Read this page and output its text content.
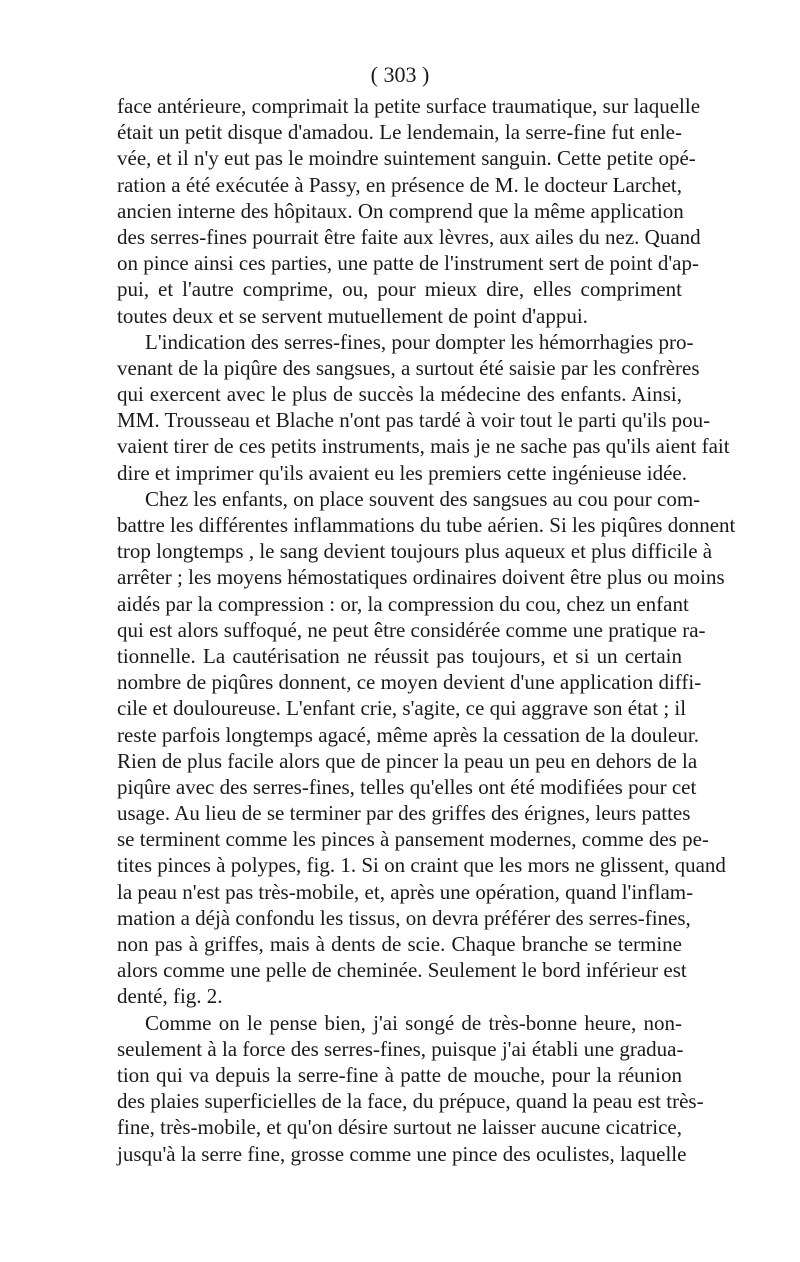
( 303 )
face antérieure, comprimait la petite surface traumatique, sur laquelle
était un petit disque d'amadou. Le lendemain, la serre-fine fut enle-
vée, et il n'y eut pas le moindre suintement sanguin. Cette petite opé-
ration a été exécutée à Passy, en présence de M. le docteur Larchet,
ancien interne des hôpitaux. On comprend que la même application
des serres-fines pourrait être faite aux lèvres, aux ailes du nez. Quand
on pince ainsi ces parties, une patte de l'instrument sert de point d'ap-
pui, et l'autre comprime, ou, pour mieux dire, elles compriment
toutes deux et se servent mutuellement de point d'appui.
L'indication des serres-fines, pour dompter les hémorrhagies pro-
venant de la piqûre des sangsues, a surtout été saisie par les confrères
qui exercent avec le plus de succès la médecine des enfants. Ainsi,
MM. Trousseau et Blache n'ont pas tardé à voir tout le parti qu'ils pou-
vaient tirer de ces petits instruments, mais je ne sache pas qu'ils aient fait
dire et imprimer qu'ils avaient eu les premiers cette ingénieuse idée.
Chez les enfants, on place souvent des sangsues au cou pour com-
battre les différentes inflammations du tube aérien. Si les piqûres donnent
trop longtemps , le sang devient toujours plus aqueux et plus difficile à
arrêter ; les moyens hémostatiques ordinaires doivent être plus ou moins
aidés par la compression : or, la compression du cou, chez un enfant
qui est alors suffoqué, ne peut être considérée comme une pratique ra-
tionnelle. La cautérisation ne réussit pas toujours, et si un certain
nombre de piqûres donnent, ce moyen devient d'une application diffi-
cile et douloureuse. L'enfant crie, s'agite, ce qui aggrave son état ; il
reste parfois longtemps agacé, même après la cessation de la douleur.
Rien de plus facile alors que de pincer la peau un peu en dehors de la
piqûre avec des serres-fines, telles qu'elles ont été modifiées pour cet
usage. Au lieu de se terminer par des griffes des érignes, leurs pattes
se terminent comme les pinces à pansement modernes, comme des pe-
tites pinces à polypes, fig. 1. Si on craint que les mors ne glissent, quand
la peau n'est pas très-mobile, et, après une opération, quand l'inflam-
mation a déjà confondu les tissus, on devra préférer des serres-fines,
non pas à griffes, mais à dents de scie. Chaque branche se termine
alors comme une pelle de cheminée. Seulement le bord inférieur est
denté, fig. 2.
Comme on le pense bien, j'ai songé de très-bonne heure, non-
seulement à la force des serres-fines, puisque j'ai établi une gradua-
tion qui va depuis la serre-fine à patte de mouche, pour la réunion
des plaies superficielles de la face, du prépuce, quand la peau est très-
fine, très-mobile, et qu'on désire surtout ne laisser aucune cicatrice,
jusqu'à la serre fine, grosse comme une pince des oculistes, laquelle
